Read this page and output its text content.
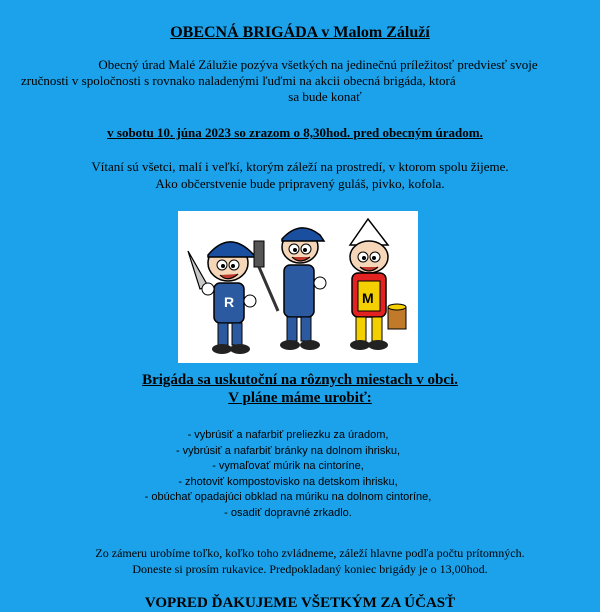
OBECNÁ BRIGÁDA v Malom Záluží
Obecný úrad Malé Zálužie pozýva všetkých na jedinečnú príležitosť predviesť svoje
zručnosti v spoločnosti s rovnako naladenými ľuďmi na akcii obecná brigáda, ktorá
sa bude konať
v sobotu 10. júna 2023 so zrazom o 8,30hod. pred obecným úradom.
Vítaní sú všetci, malí i veľkí, ktorým záleží na prostredí, v ktorom spolu žijeme.
Ako občerstvenie bude pripravený guláš, pivko, kofola.
R	M
Brigáda sa uskutoční na rôznych miestach v obci.
V pláne máme urobiť:
- vybrúsiť a nafarbiť preliezku za úradom,
- vybrúsiť a nafarbiť bránky na dolnom ihrisku,
- vymaľovať múrik na cintoríne,
- zhotoviť kompostovisko na detskom ihrisku,
- obúchať opadajúci obklad na múriku na dolnom cintoríne,
- osadiť dopravné zrkadlo.
Zo zámeru urobíme toľko, koľko toho zvládneme, záleží hlavne podľa počtu prítomných.
Doneste si prosím rukavice. Predpokladaný koniec brigády je o 13,00hod.
VOPRED ĎAKUJEME VŠETKÝM ZA ÚČASŤ
